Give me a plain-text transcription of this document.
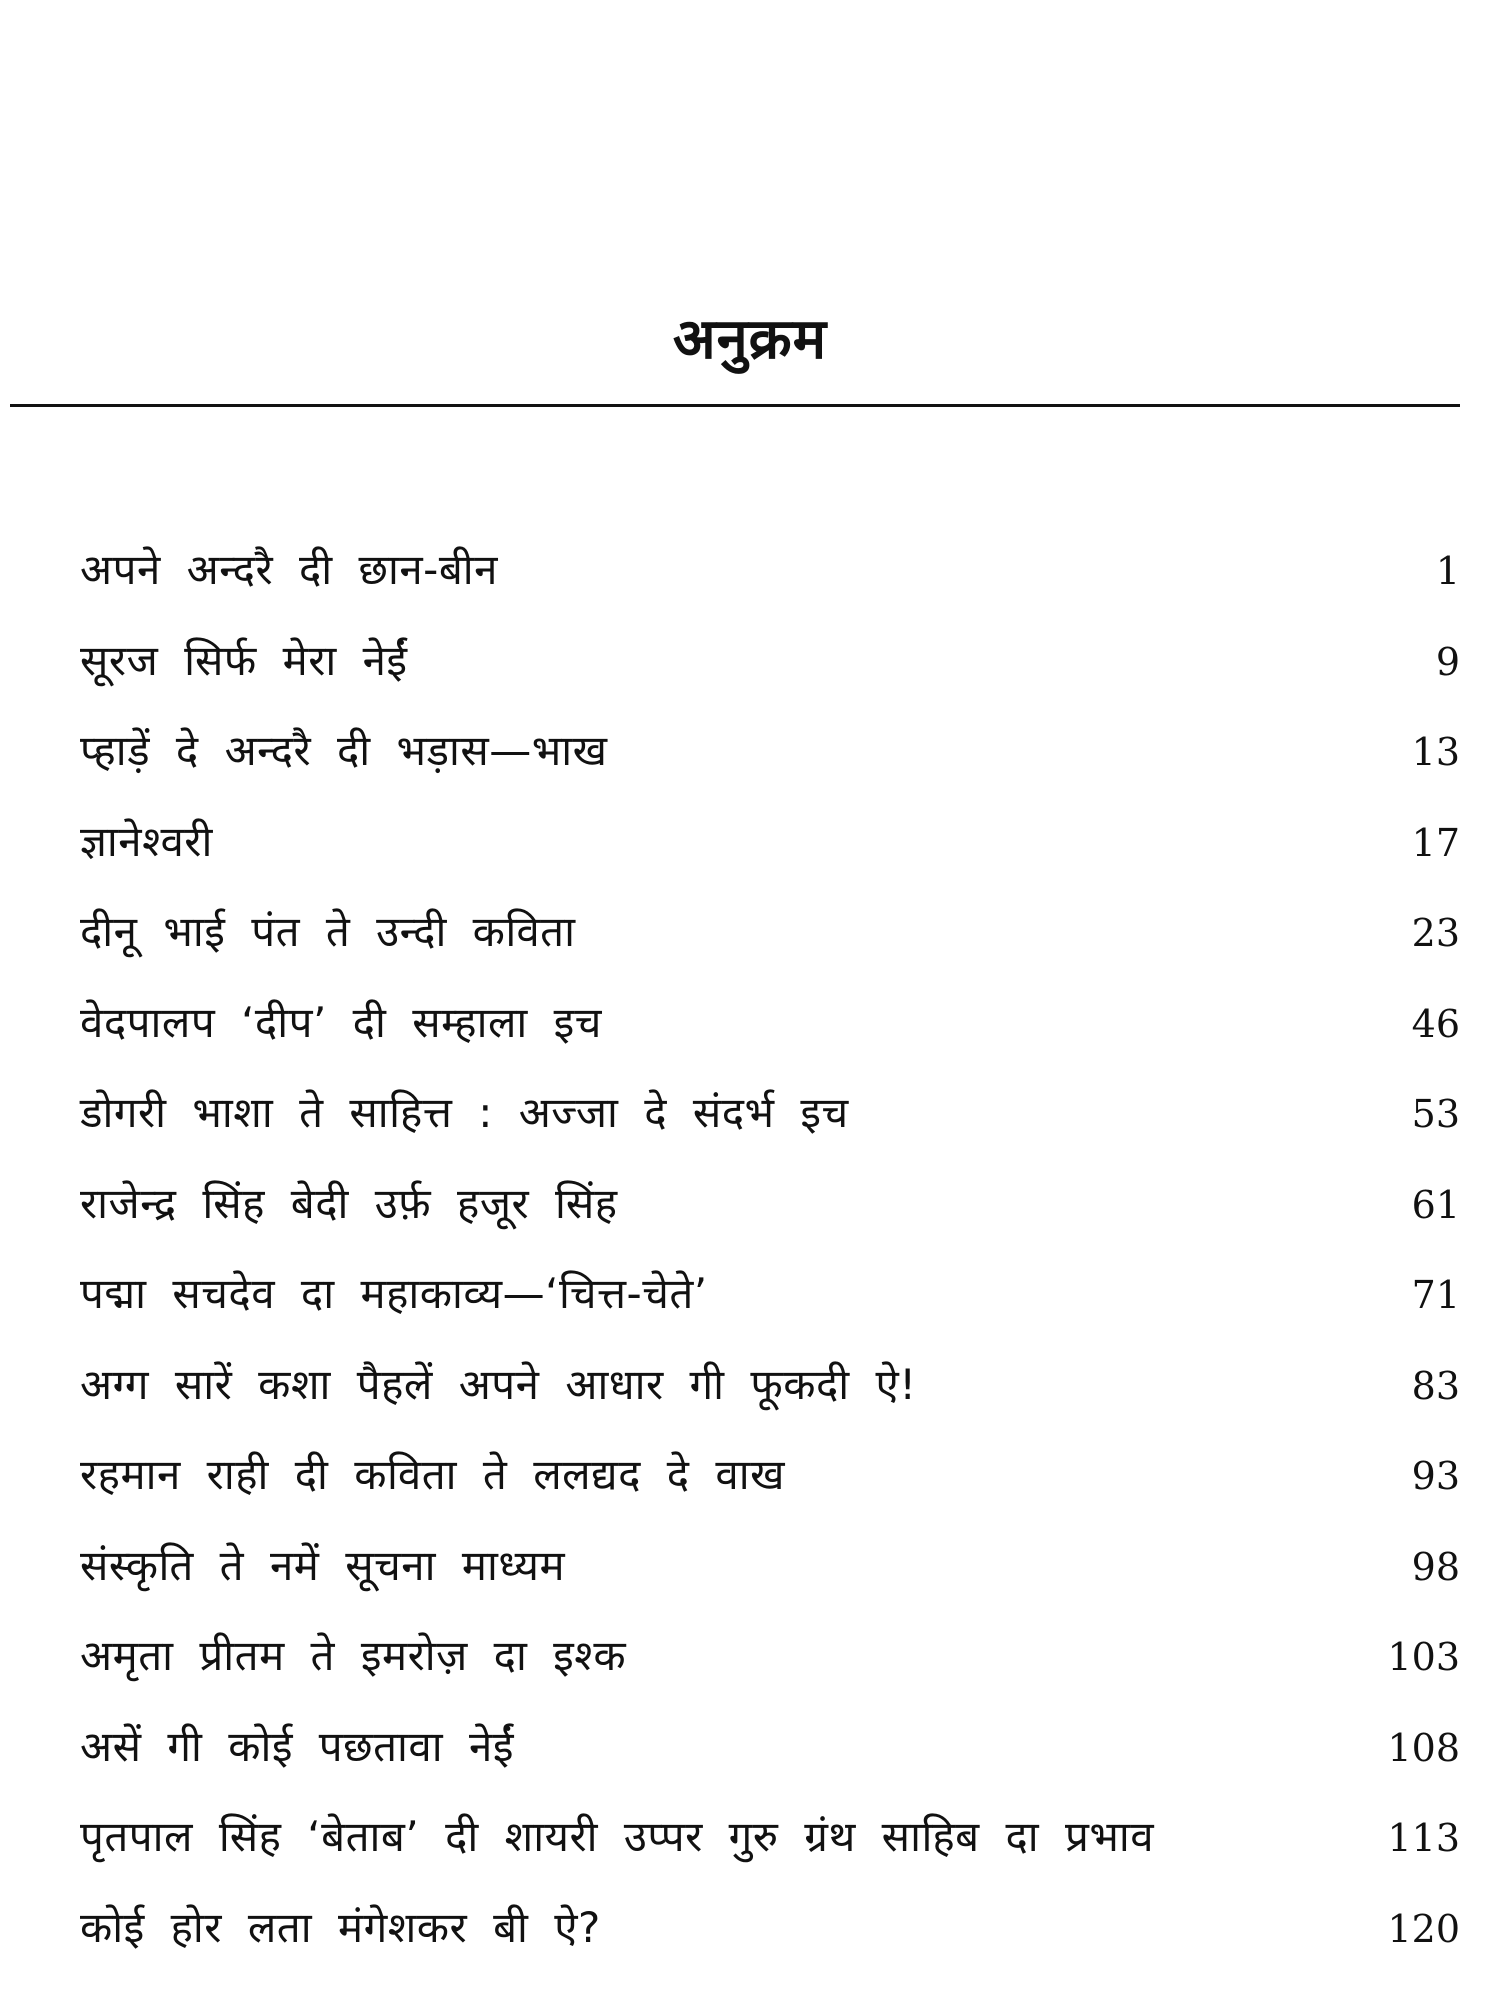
अनुक्रम
अपने अन्दरै दी छान-बीन	1
सूरज सिर्फ मेरा नेईं	9
प्हाड़ें दे अन्दरै दी भड़ास—भाख	13
ज्ञानेश्वरी	17
दीनू भाई पंत ते उन्दी कविता	23
वेदपालप ‘दीप’ दी सम्हाला इच	46
डोगरी भाशा ते साहित्त : अज्जा दे संदर्भ इच	53
राजेन्द्र सिंह बेदी उर्फ़ हजूर सिंह	61
पद्मा सचदेव दा महाकाव्य—‘चित्त-चेते’	71
अग्ग सारें कशा पैहलें अपने आधार गी फूकदी ऐ!	83
रहमान राही दी कविता ते ललद्यद दे वाख	93
संस्कृति ते नमें सूचना माध्यम	98
अमृता प्रीतम ते इमरोज़ दा इश्क	103
असें गी कोई पछतावा नेईं	108
पृतपाल सिंह ‘बेताब’ दी शायरी उप्पर गुरु ग्रंथ साहिब दा प्रभाव	113
कोई होर लता मंगेशकर बी ऐ?	120
